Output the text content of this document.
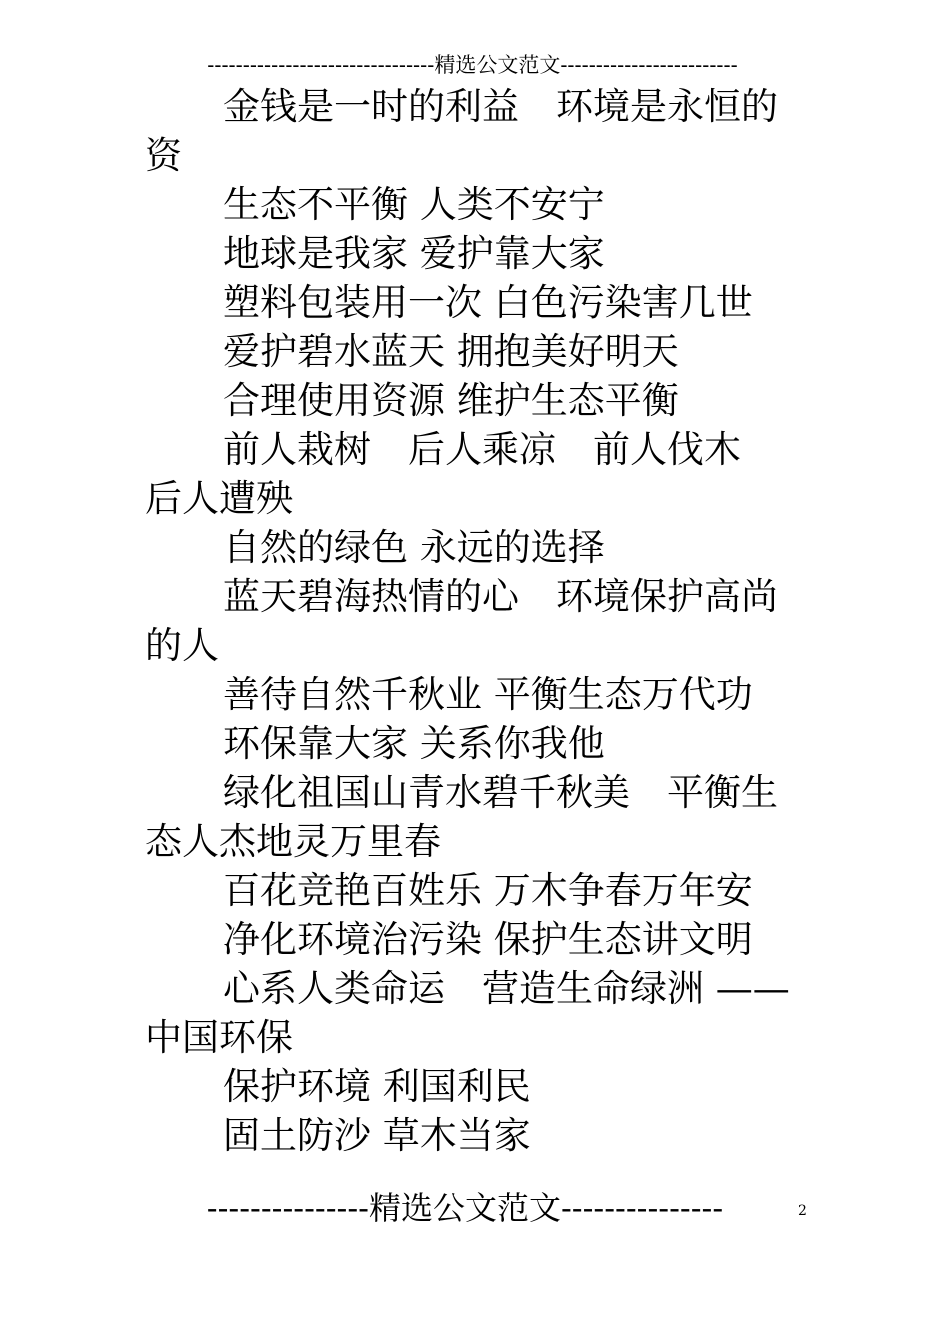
--------------------------------精选公文范文-------------------------

金钱是一时的利益　环境是永恒的资

生态不平衡 人类不安宁

地球是我家 爱护靠大家

塑料包装用一次 白色污染害几世

爱护碧水蓝天 拥抱美好明天

合理使用资源 维护生态平衡

前人栽树　后人乘凉　前人伐木　后人遭殃

自然的绿色 永远的选择

蓝天碧海热情的心　环境保护高尚的人

善待自然千秋业 平衡生态万代功

环保靠大家 关系你我他

绿化祖国山青水碧千秋美　平衡生态人杰地灵万里春

百花竞艳百姓乐 万木争春万年安

净化环境治污染 保护生态讲文明

心系人类命运　营造生命绿洲 ——中国环保

保护环境 利国利民

固土防沙 草木当家

---------------精选公文范文---------------	2
